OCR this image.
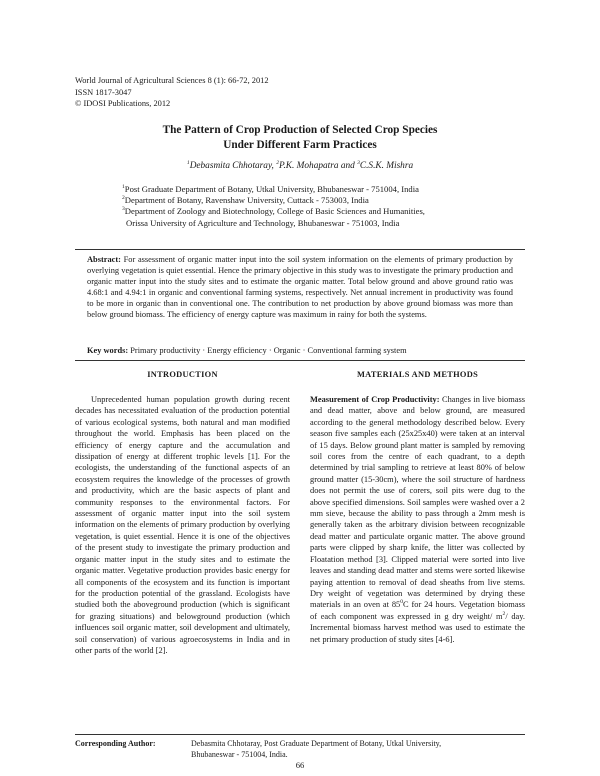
World Journal of Agricultural Sciences 8 (1): 66-72, 2012
ISSN 1817-3047
© IDOSI Publications, 2012
The Pattern of Crop Production of Selected Crop Species
Under Different Farm Practices
$^1$Debasmita Chhotaray, $^2$P.K. Mohapatra and $^3$C.S.K. Mishra
$^1$Post Graduate Department of Botany, Utkal University, Bhubaneswar - 751004, India
$^2$Department of Botany, Ravenshaw University, Cuttack - 753003, India
$^3$Department of Zoology and Biotechnology, College of Basic Sciences and Humanities,
Orissa University of Agriculture and Technology, Bhubaneswar - 751003, India
Abstract: For assessment of organic matter input into the soil system information on the elements of primary production by overlying vegetation is quiet essential. Hence the primary objective in this study was to investigate the primary production and organic matter input into the study sites and to estimate the organic matter. Total below ground and above ground ratio was 4.68:1 and 4.94:1 in organic and conventional farming systems, respectively. Net annual increment in productivity was found to be more in organic than in conventional one. The contribution to net production by above ground biomass was more than below ground biomass. The efficiency of energy capture was maximum in rainy for both the systems.
Key words: Primary productivity · Energy efficiency · Organic · Conventional farming system
INTRODUCTION

Unprecedented human population growth during recent decades has necessitated evaluation of the production potential of various ecological systems, both natural and man modified throughout the world. Emphasis has been placed on the efficiency of energy capture and the accumulation and dissipation of energy at different trophic levels [1]. For the ecologists, the understanding of the functional aspects of an ecosystem requires the knowledge of the processes of growth and productivity, which are the basic aspects of plant and community responses to the environmental factors. For assessment of organic matter input into the soil system information on the elements of primary production by overlying vegetation, is quiet essential. Hence it is one of the objectives of the present study to investigate the primary production and organic matter input in the study sites and to estimate the organic matter. Vegetative production provides basic energy for all components of the ecosystem and its function is important for the production potential of the grassland. Ecologists have studied both the aboveground production (which is significant for grazing situations) and belowground production (which influences soil organic matter, soil development and ultimately, soil conservation) of various agroecosystems in India and in other parts of the world [2].

MATERIALS AND METHODS

Measurement of Crop Productivity: Changes in live biomass and dead matter, above and below ground, are measured according to the general methodology described below. Every season five samples each (25x25x40) were taken at an interval of 15 days. Below ground plant matter is sampled by removing soil cores from the centre of each quadrant, to a depth determined by trial sampling to retrieve at least 80% of below ground matter (15-30cm), where the soil structure of hardness does not permit the use of corers, soil pits were dug to the above specified dimensions. Soil samples were washed over a 2 mm sieve, because the ability to pass through a 2mm mesh is generally taken as the arbitrary division between recognizable dead matter and particulate organic matter. The above ground parts were clipped by sharp knife, the litter was collected by Floatation method [3]. Clipped material were sorted into live leaves and standing dead matter and stems were sorted likewise paying attention to removal of dead sheaths from live stems. Dry weight of vegetation was determined by drying these materials in an oven at $85^0C$ for 24 hours. Vegetation biomass of each component was expressed in g dry weight/ $m^2/$ day. Incremental biomass harvest method was used to estimate the net primary production of study sites [4-6].

Corresponding Author:	Debasmita Chhotaray, Post Graduate Department of Botany, Utkal University,
Bhubaneswar - 751004, India.
66
